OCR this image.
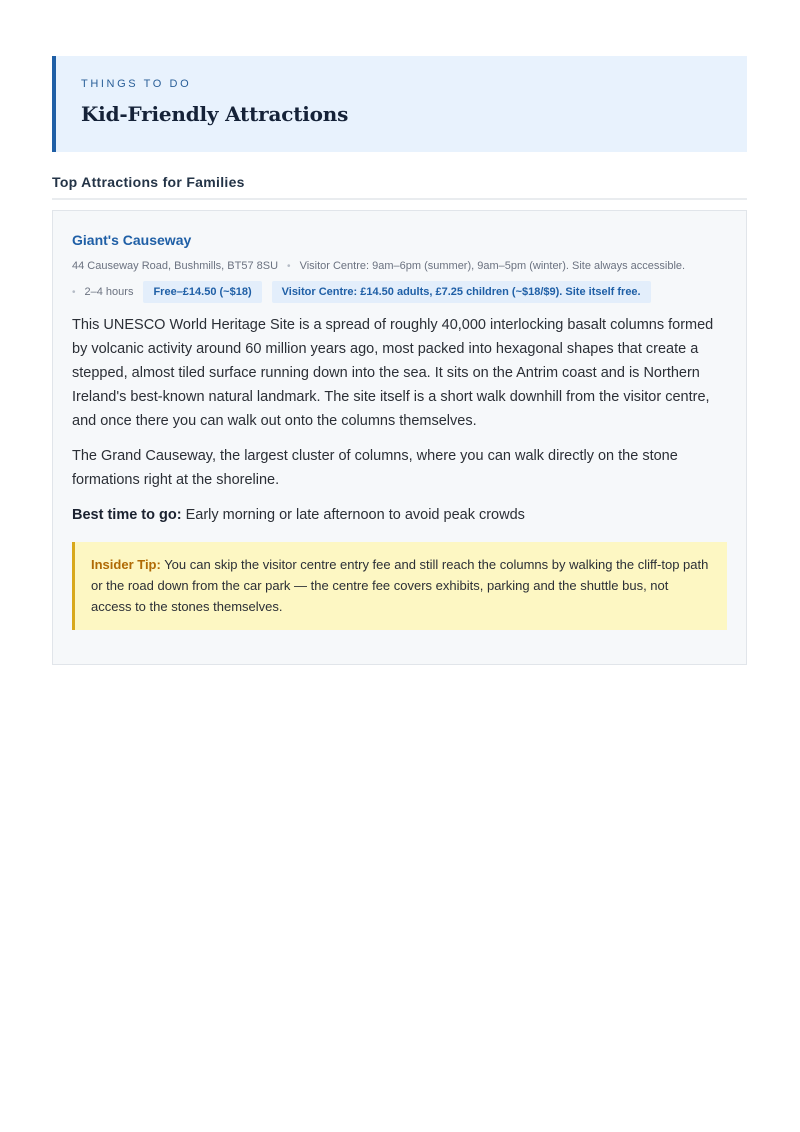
THINGS TO DO

Kid-Friendly Attractions
Top Attractions for Families
Giant's Causeway
44 Causeway Road, Bushmills, BT57 8SU • Visitor Centre: 9am–6pm (summer), 9am–5pm (winter). Site always accessible.
• 2–4 hours	Free–£14.50 (~$18)	Visitor Centre: £14.50 adults, £7.25 children (~$18/$9). Site itself free.

This UNESCO World Heritage Site is a spread of roughly 40,000 interlocking basalt columns formed by volcanic activity around 60 million years ago, most packed into hexagonal shapes that create a stepped, almost tiled surface running down into the sea. It sits on the Antrim coast and is Northern Ireland's best-known natural landmark. The site itself is a short walk downhill from the visitor centre, and once there you can walk out onto the columns themselves.

The Grand Causeway, the largest cluster of columns, where you can walk directly on the stone formations right at the shoreline.

Best time to go: Early morning or late afternoon to avoid peak crowds
Insider Tip: You can skip the visitor centre entry fee and still reach the columns by walking the cliff-top path or the road down from the car park — the centre fee covers exhibits, parking and the shuttle bus, not access to the stones themselves.
